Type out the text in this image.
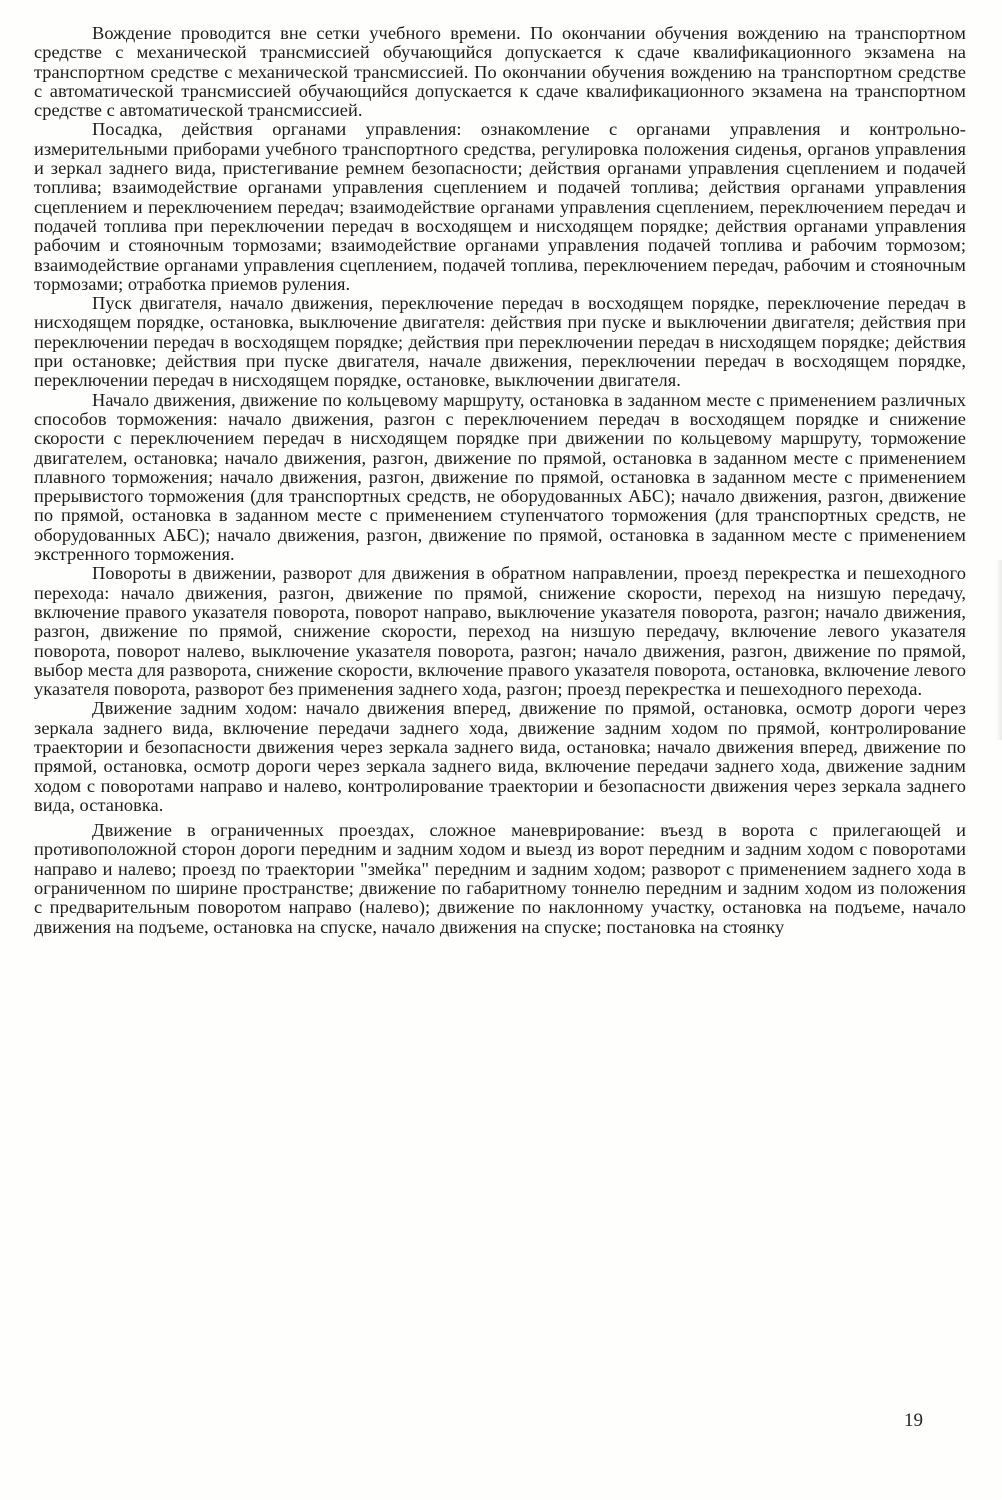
Вождение проводится вне сетки учебного времени. По окончании обучения вождению на транспортном средстве с механической трансмиссией обучающийся допускается к сдаче квалификационного экзамена на транспортном средстве с механической трансмиссией. По окончании обучения вождению на транспортном средстве с автоматической трансмиссией обучающийся допускается к сдаче квалификационного экзамена на транспортном средстве с автоматической трансмиссией.

Посадка, действия органами управления: ознакомление с органами управления и контрольно-измерительными приборами учебного транспортного средства, регулировка положения сиденья, органов управления и зеркал заднего вида, пристегивание ремнем безопасности; действия органами управления сцеплением и подачей топлива; взаимодействие органами управления сцеплением и подачей топлива; действия органами управления сцеплением и переключением передач; взаимодействие органами управления сцеплением, переключением передач и подачей топлива при переключении передач в восходящем и нисходящем порядке; действия органами управления рабочим и стояночным тормозами; взаимодействие органами управления подачей топлива и рабочим тормозом; взаимодействие органами управления сцеплением, подачей топлива, переключением передач, рабочим и стояночным тормозами; отработка приемов руления.

Пуск двигателя, начало движения, переключение передач в восходящем порядке, переключение передач в нисходящем порядке, остановка, выключение двигателя: действия при пуске и выключении двигателя; действия при переключении передач в восходящем порядке; действия при переключении передач в нисходящем порядке; действия при остановке; действия при пуске двигателя, начале движения, переключении передач в восходящем порядке, переключении передач в нисходящем порядке, остановке, выключении двигателя.

Начало движения, движение по кольцевому маршруту, остановка в заданном месте с применением различных способов торможения: начало движения, разгон с переключением передач в восходящем порядке и снижение скорости с переключением передач в нисходящем порядке при движении по кольцевому маршруту, торможение двигателем, остановка; начало движения, разгон, движение по прямой, остановка в заданном месте с применением плавного торможения; начало движения, разгон, движение по прямой, остановка в заданном месте с применением прерывистого торможения (для транспортных средств, не оборудованных АБС); начало движения, разгон, движение по прямой, остановка в заданном месте с применением ступенчатого торможения (для транспортных средств, не оборудованных АБС); начало движения, разгон, движение по прямой, остановка в заданном месте с применением экстренного торможения.

Повороты в движении, разворот для движения в обратном направлении, проезд перекрестка и пешеходного перехода: начало движения, разгон, движение по прямой, снижение скорости, переход на низшую передачу, включение правого указателя поворота, поворот направо, выключение указателя поворота, разгон; начало движения, разгон, движение по прямой, снижение скорости, переход на низшую передачу, включение левого указателя поворота, поворот налево, выключение указателя поворота, разгон; начало движения, разгон, движение по прямой, выбор места для разворота, снижение скорости, включение правого указателя поворота, остановка, включение левого указателя поворота, разворот без применения заднего хода, разгон; проезд перекрестка и пешеходного перехода.

Движение задним ходом: начало движения вперед, движение по прямой, остановка, осмотр дороги через зеркала заднего вида, включение передачи заднего хода, движение задним ходом по прямой, контролирование траектории и безопасности движения через зеркала заднего вида, остановка; начало движения вперед, движение по прямой, остановка, осмотр дороги через зеркала заднего вида, включение передачи заднего хода, движение задним ходом с поворотами направо и налево, контролирование траектории и безопасности движения через зеркала заднего вида, остановка.

Движение в ограниченных проездах, сложное маневрирование: въезд в ворота с прилегающей и противоположной сторон дороги передним и задним ходом и выезд из ворот передним и задним ходом с поворотами направо и налево; проезд по траектории "змейка" передним и задним ходом; разворот с применением заднего хода в ограниченном по ширине пространстве; движение по габаритному тоннелю передним и задним ходом из положения с предварительным поворотом направо (налево); движение по наклонному участку, остановка на подъеме, начало движения на подъеме, остановка на спуске, начало движения на спуске; постановка на стоянку

19
